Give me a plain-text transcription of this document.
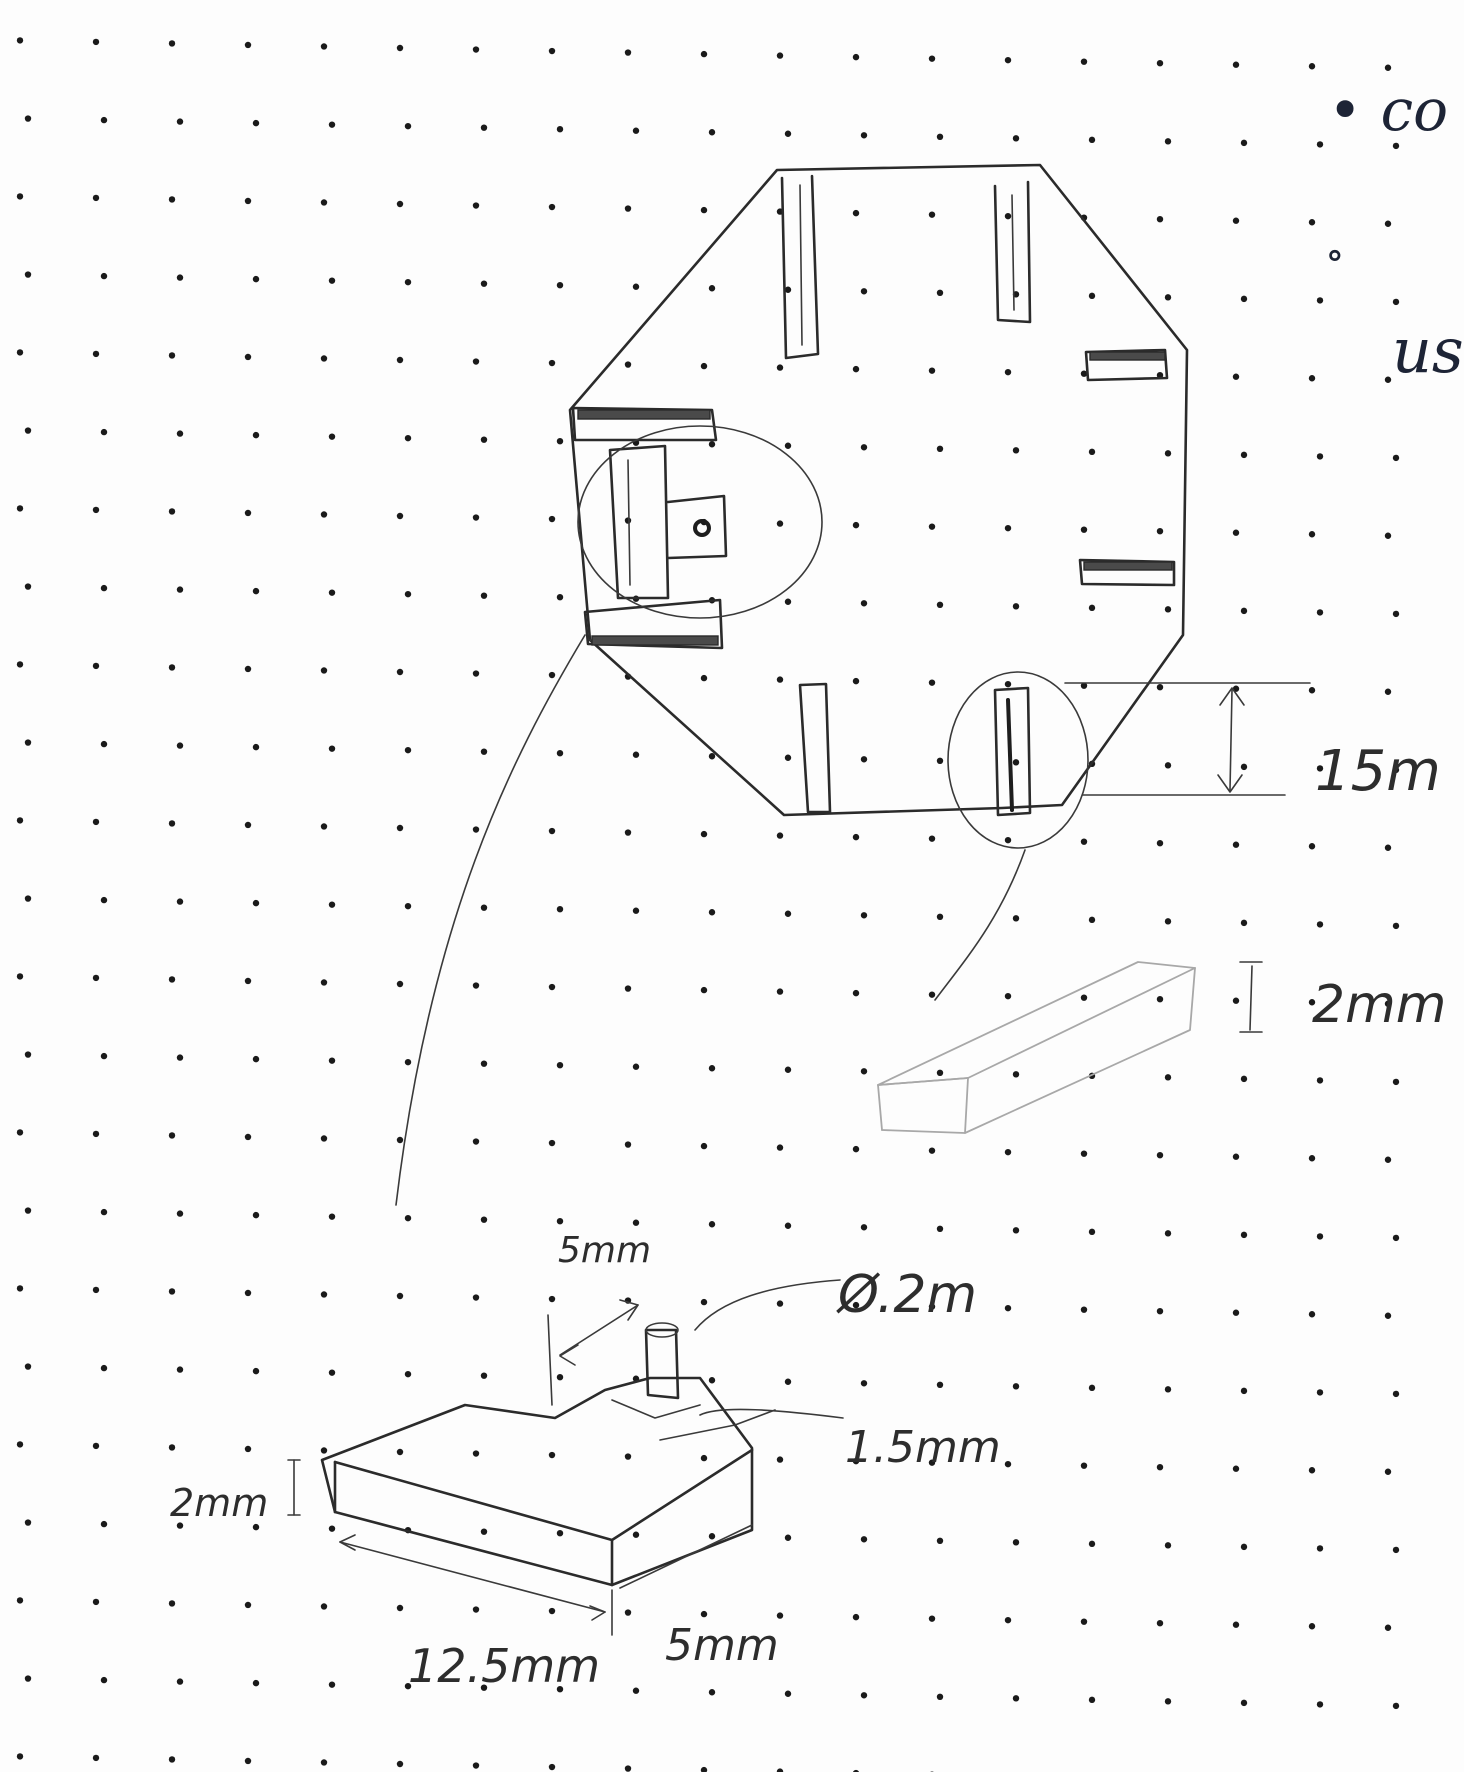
• co
∘
us
15m
2mm
5mm
Ø.2m
1.5mm
2mm
12.5mm 5mm
